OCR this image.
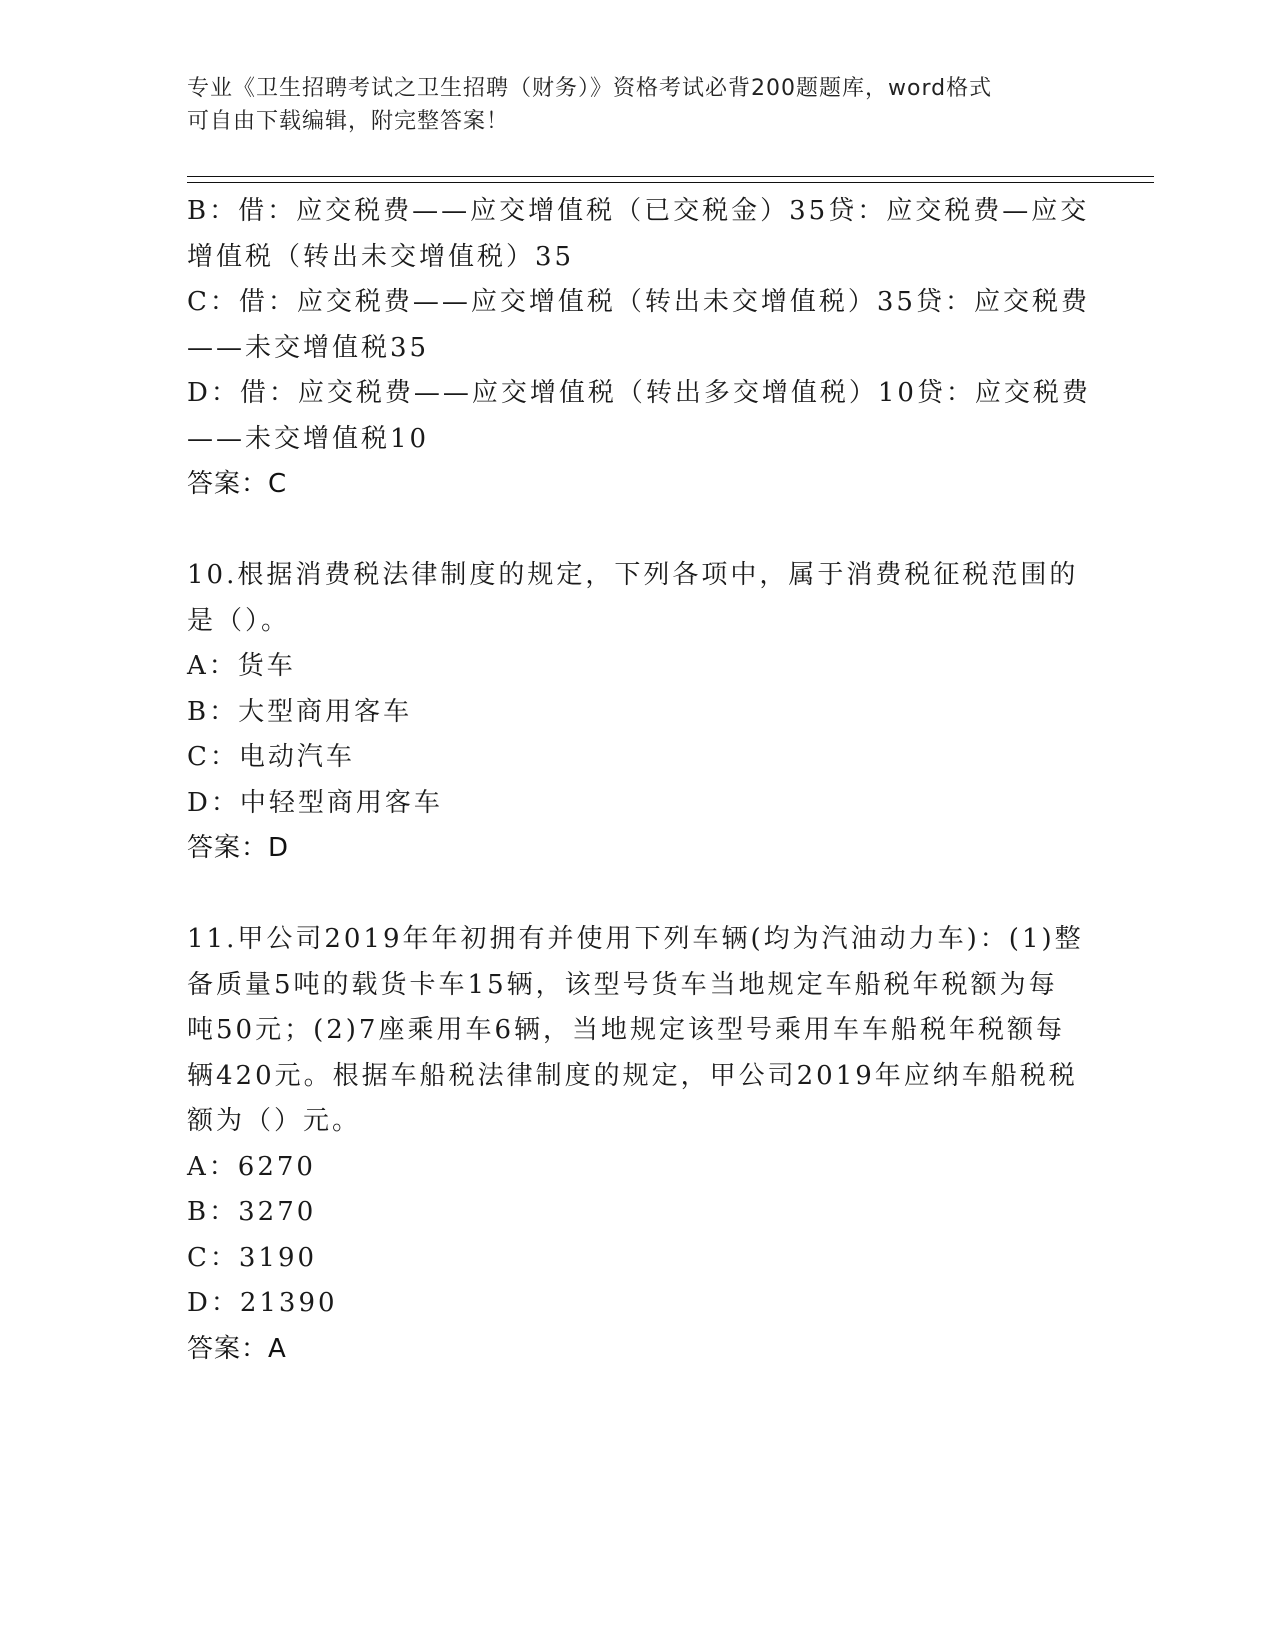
专业《卫生招聘考试之卫生招聘（财务）》资格考试必背200题题库，word格式
可自由下载编辑，附完整答案！
B：借：应交税费——应交增值税（已交税金）35贷：应交税费—应交
增值税（转出未交增值税）35
C：借：应交税费——应交增值税（转出未交增值税）35贷：应交税费
——未交增值税35
D：借：应交税费——应交增值税（转出多交增值税）10贷：应交税费
——未交增值税10
答案：C
10.根据消费税法律制度的规定，下列各项中，属于消费税征税范围的
是（）。
A：货车
B：大型商用客车
C：电动汽车
D：中轻型商用客车
答案：D
11.甲公司2019年年初拥有并使用下列车辆(均为汽油动力车)：(1)整
备质量5吨的载货卡车15辆，该型号货车当地规定车船税年税额为每
吨50元；(2)7座乘用车6辆，当地规定该型号乘用车车船税年税额每
辆420元。根据车船税法律制度的规定，甲公司2019年应纳车船税税
额为（）元。
A：6270
B：3270
C：3190
D：21390
答案：A
